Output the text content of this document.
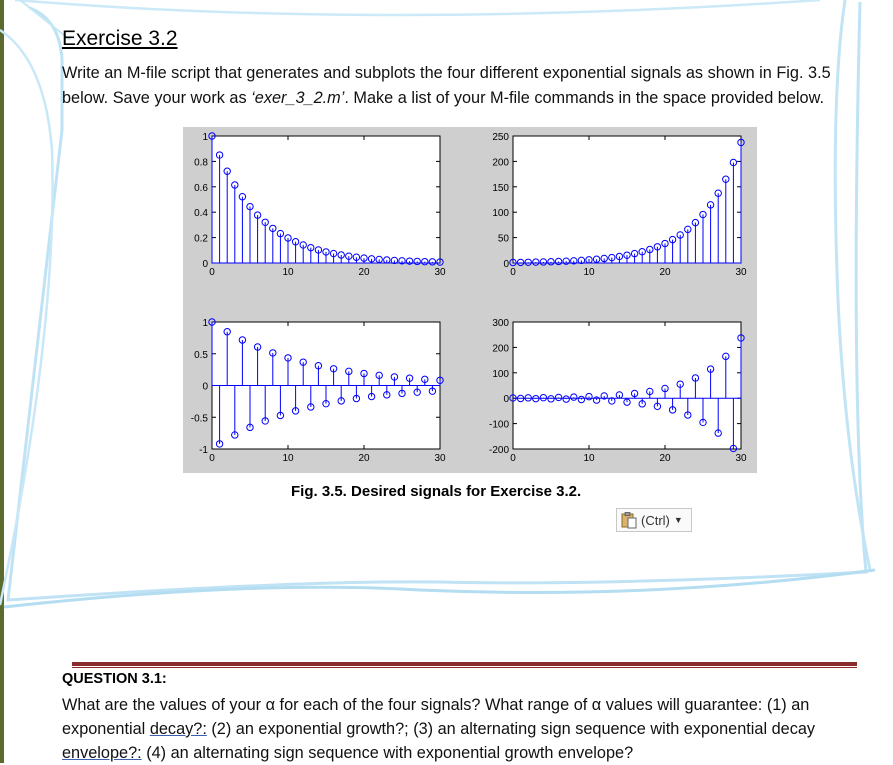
Exercise 3.2
Write an M-file script that generates and subplots the four different exponential signals as shown in Fig. 3.5 below. Save your work as ‘exer_3_2.m’. Make a list of your M-file commands in the space provided below.
0
0.2
0.4
0.6
0.8
1
0	10	20	30
0
50
100
150
200
250
0	10	20	30
-1
-0.5
0
0.5
1
0	10	20	30
-200
-100
0
100
200
300
0	10	20	30
Fig. 3.5. Desired signals for Exercise 3.2.
(Ctrl) ▼
QUESTION 3.1:
What are the values of your α for each of the four signals? What range of α values will guarantee: (1) an exponential decay?: (2) an exponential growth?; (3) an alternating sign sequence with exponential decay envelope?: (4) an alternating sign sequence with exponential growth envelope?
